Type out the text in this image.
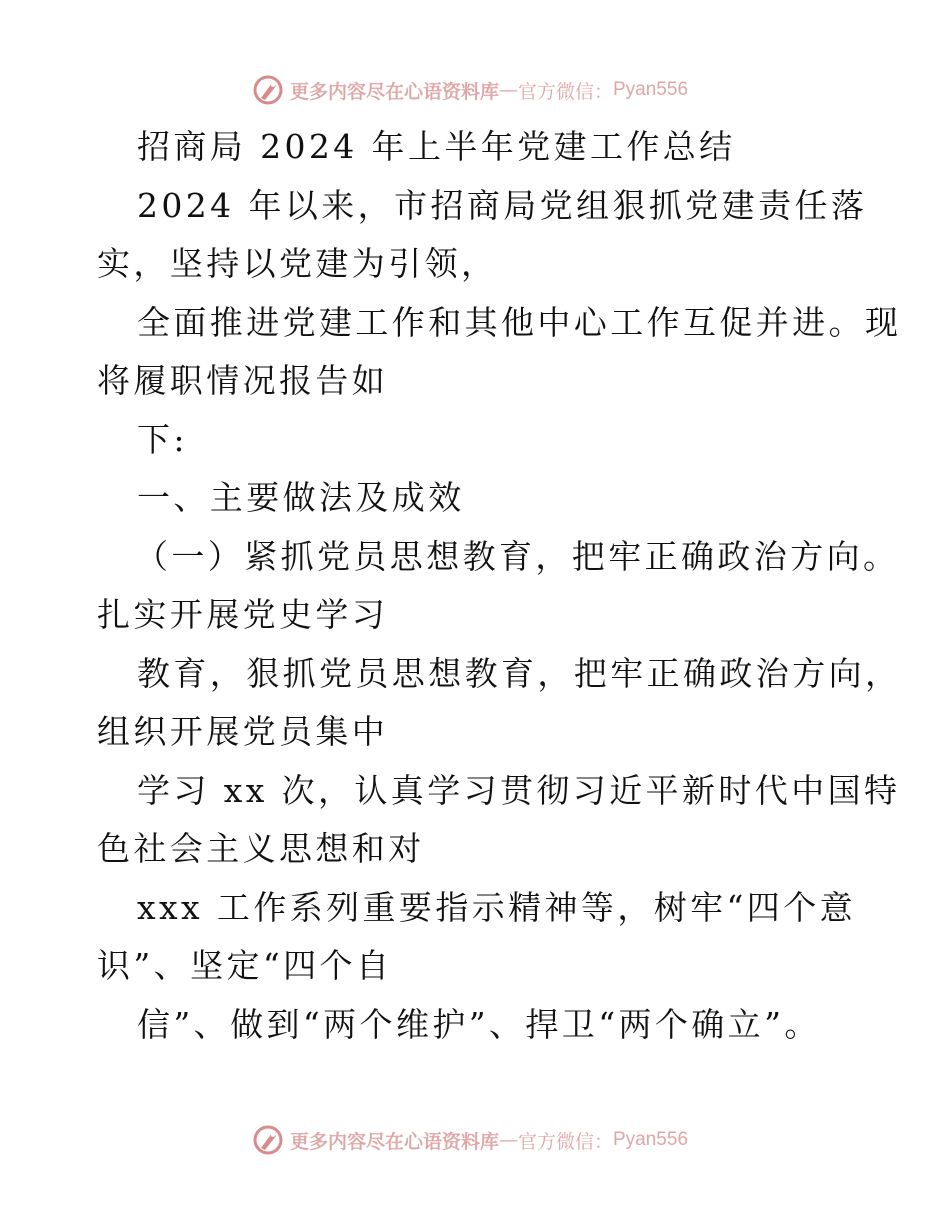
更多内容尽在心语资料库 — 官方微信： Pyan556
招商局 2024 年上半年党建工作总结
2024 年以来，市招商局党组狠抓党建责任落
实，坚持以党建为引领，
全面推进党建工作和其他中心工作互促并进。现
将履职情况报告如
下:
一、主要做法及成效
（一）紧抓党员思想教育，把牢正确政治方向。
扎实开展党史学习
教育，狠抓党员思想教育，把牢正确政治方向，
组织开展党员集中
学习 xx 次，认真学习贯彻习近平新时代中国特
色社会主义思想和对
xxx 工作系列重要指示精神等，树牢“四个意
识”、坚定“四个自
信”、做到“两个维护”、捍卫“两个确立”。
更多内容尽在心语资料库 — 官方微信： Pyan556
